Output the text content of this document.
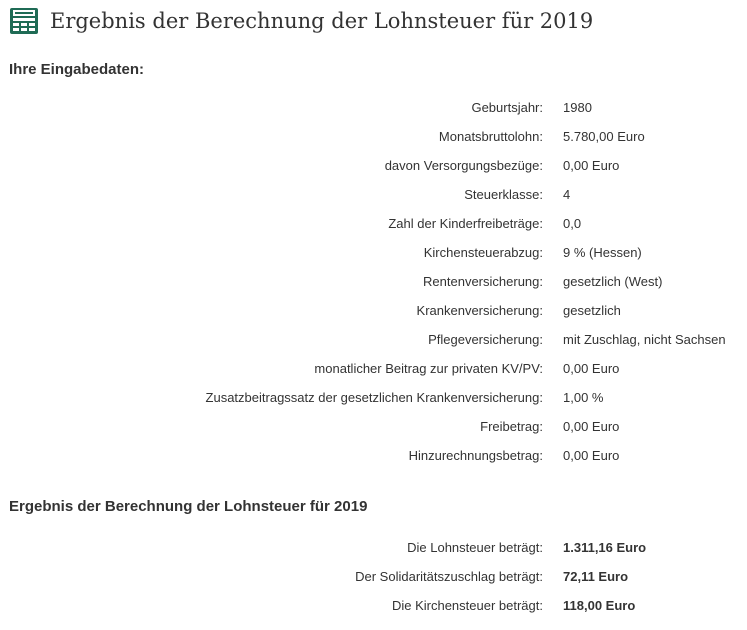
Ergebnis der Berechnung der Lohnsteuer für 2019
Ihre Eingabedaten:
Geburtsjahr: 1980
Monatsbruttolohn: 5.780,00 Euro
davon Versorgungsbezüge: 0,00 Euro
Steuerklasse: 4
Zahl der Kinderfreibeträge: 0,0
Kirchensteuerabzug: 9 % (Hessen)
Rentenversicherung: gesetzlich (West)
Krankenversicherung: gesetzlich
Pflegeversicherung: mit Zuschlag, nicht Sachsen
monatlicher Beitrag zur privaten KV/PV: 0,00 Euro
Zusatzbeitragssatz der gesetzlichen Krankenversicherung: 1,00 %
Freibetrag: 0,00 Euro
Hinzurechnungsbetrag: 0,00 Euro
Ergebnis der Berechnung der Lohnsteuer für 2019
Die Lohnsteuer beträgt: 1.311,16 Euro
Der Solidaritätszuschlag beträgt: 72,11 Euro
Die Kirchensteuer beträgt: 118,00 Euro
